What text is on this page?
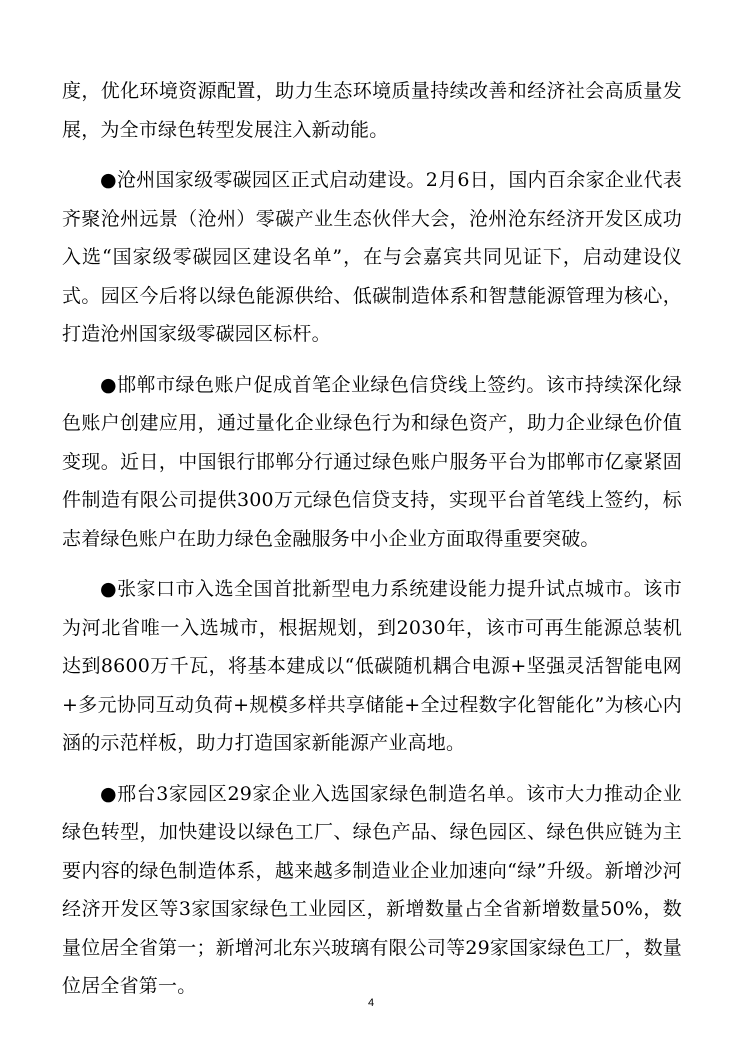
度，优化环境资源配置，助力生态环境质量持续改善和经济社会高质量发展，为全市绿色转型发展注入新动能。

●沧州国家级零碳园区正式启动建设。2月6日，国内百余家企业代表齐聚沧州远景（沧州）零碳产业生态伙伴大会，沧州沧东经济开发区成功入选“国家级零碳园区建设名单”，在与会嘉宾共同见证下，启动建设仪式。园区今后将以绿色能源供给、低碳制造体系和智慧能源管理为核心，打造沧州国家级零碳园区标杆。

●邯郸市绿色账户促成首笔企业绿色信贷线上签约。该市持续深化绿色账户创建应用，通过量化企业绿色行为和绿色资产，助力企业绿色价值变现。近日，中国银行邯郸分行通过绿色账户服务平台为邯郸市亿豪紧固件制造有限公司提供300万元绿色信贷支持，实现平台首笔线上签约，标志着绿色账户在助力绿色金融服务中小企业方面取得重要突破。

●张家口市入选全国首批新型电力系统建设能力提升试点城市。该市为河北省唯一入选城市，根据规划，到2030年，该市可再生能源总装机达到8600万千瓦，将基本建成以“低碳随机耦合电源+坚强灵活智能电网+多元协同互动负荷+规模多样共享储能+全过程数字化智能化”为核心内涵的示范样板，助力打造国家新能源产业高地。

●邢台3家园区29家企业入选国家绿色制造名单。该市大力推动企业绿色转型，加快建设以绿色工厂、绿色产品、绿色园区、绿色供应链为主要内容的绿色制造体系，越来越多制造业企业加速向“绿”升级。新增沙河经济开发区等3家国家绿色工业园区，新增数量占全省新增数量50%，数量位居全省第一；新增河北东兴玻璃有限公司等29家国家绿色工厂，数量位居全省第一。

4
